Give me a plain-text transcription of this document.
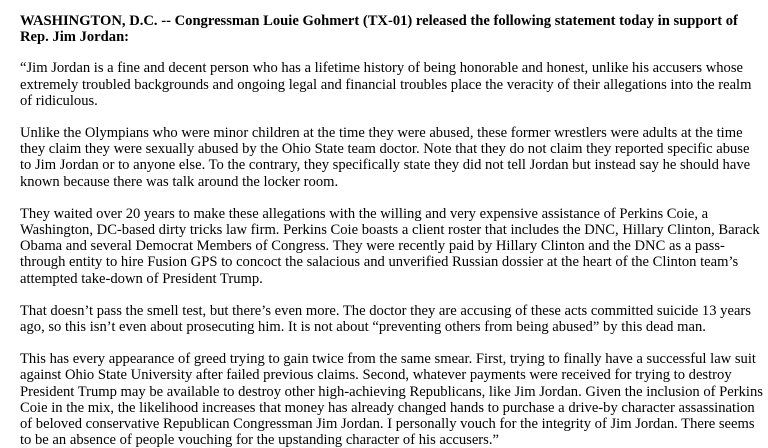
WASHINGTON, D.C. -- Congressman Louie Gohmert (TX-01) released the following statement today in support of Rep. Jim Jordan:

“Jim Jordan is a fine and decent person who has a lifetime history of being honorable and honest, unlike his accusers whose extremely troubled backgrounds and ongoing legal and financial troubles place the veracity of their allegations into the realm of ridiculous.

Unlike the Olympians who were minor children at the time they were abused, these former wrestlers were adults at the time they claim they were sexually abused by the Ohio State team doctor. Note that they do not claim they reported specific abuse to Jim Jordan or to anyone else. To the contrary, they specifically state they did not tell Jordan but instead say he should have known because there was talk around the locker room.

They waited over 20 years to make these allegations with the willing and very expensive assistance of Perkins Coie, a Washington, DC-based dirty tricks law firm. Perkins Coie boasts a client roster that includes the DNC, Hillary Clinton, Barack Obama and several Democrat Members of Congress. They were recently paid by Hillary Clinton and the DNC as a pass-through entity to hire Fusion GPS to concoct the salacious and unverified Russian dossier at the heart of the Clinton team’s attempted take-down of President Trump.

That doesn’t pass the smell test, but there’s even more. The doctor they are accusing of these acts committed suicide 13 years ago, so this isn’t even about prosecuting him. It is not about “preventing others from being abused” by this dead man.

This has every appearance of greed trying to gain twice from the same smear. First, trying to finally have a successful law suit against Ohio State University after failed previous claims. Second, whatever payments were received for trying to destroy President Trump may be available to destroy other high-achieving Republicans, like Jim Jordan. Given the inclusion of Perkins Coie in the mix, the likelihood increases that money has already changed hands to purchase a drive-by character assassination of beloved conservative Republican Congressman Jim Jordan. I personally vouch for the integrity of Jim Jordan. There seems to be an absence of people vouching for the upstanding character of his accusers.”
